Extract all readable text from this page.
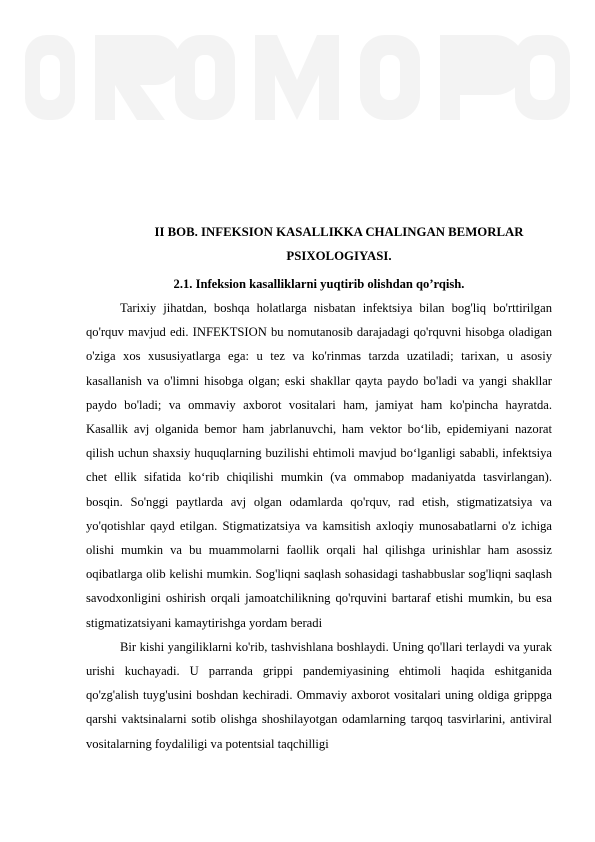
II BOB. INFEKSION KASALLIKKA CHALINGAN BEMORLAR PSIXOLOGIYASI.

2.1. Infeksion kasalliklarni yuqtirib olishdan qo’rqish.

Tarixiy jihatdan, boshqa holatlarga nisbatan infektsiya bilan bog'liq bo'rttirilgan qo'rquv mavjud edi. INFEKTSION bu nomutanosib darajadagi qo'rquvni hisobga oladigan o'ziga xos xususiyatlarga ega: u tez va ko'rinmas tarzda uzatiladi; tarixan, u asosiy kasallanish va o'limni hisobga olgan; eski shakllar qayta paydo bo'ladi va yangi shakllar paydo bo'ladi; va ommaviy axborot vositalari ham, jamiyat ham ko'pincha hayratda. Kasallik avj olganida bemor ham jabrlanuvchi, ham vektor bo‘lib, epidemiyani nazorat qilish uchun shaxsiy huquqlarning buzilishi ehtimoli mavjud bo‘lganligi sababli, infektsiya chet ellik sifatida ko‘rib chiqilishi mumkin (va ommabop madaniyatda tasvirlangan). bosqin. So'nggi paytlarda avj olgan odamlarda qo'rquv, rad etish, stigmatizatsiya va yo'qotishlar qayd etilgan. Stigmatizatsiya va kamsitish axloqiy munosabatlarni o'z ichiga olishi mumkin va bu muammolarni faollik orqali hal qilishga urinishlar ham asossiz oqibatlarga olib kelishi mumkin. Sog'liqni saqlash sohasidagi tashabbuslar sog'liqni saqlash savodxonligini oshirish orqali jamoatchilikning qo'rquvini bartaraf etishi mumkin, bu esa stigmatizatsiyani kamaytirishga yordam beradi

Bir kishi yangiliklarni ko'rib, tashvishlana boshlaydi. Uning qo'llari terlaydi va yurak urishi kuchayadi. U parranda grippi pandemiyasining ehtimoli haqida eshitganida qo'zg'alish tuyg'usini boshdan kechiradi. Ommaviy axborot vositalari uning oldiga grippga qarshi vaktsinalarni sotib olishga shoshilayotgan odamlarning tarqoq tasvirlarini, antiviral vositalarning foydaliligi va potentsial taqchilligi
